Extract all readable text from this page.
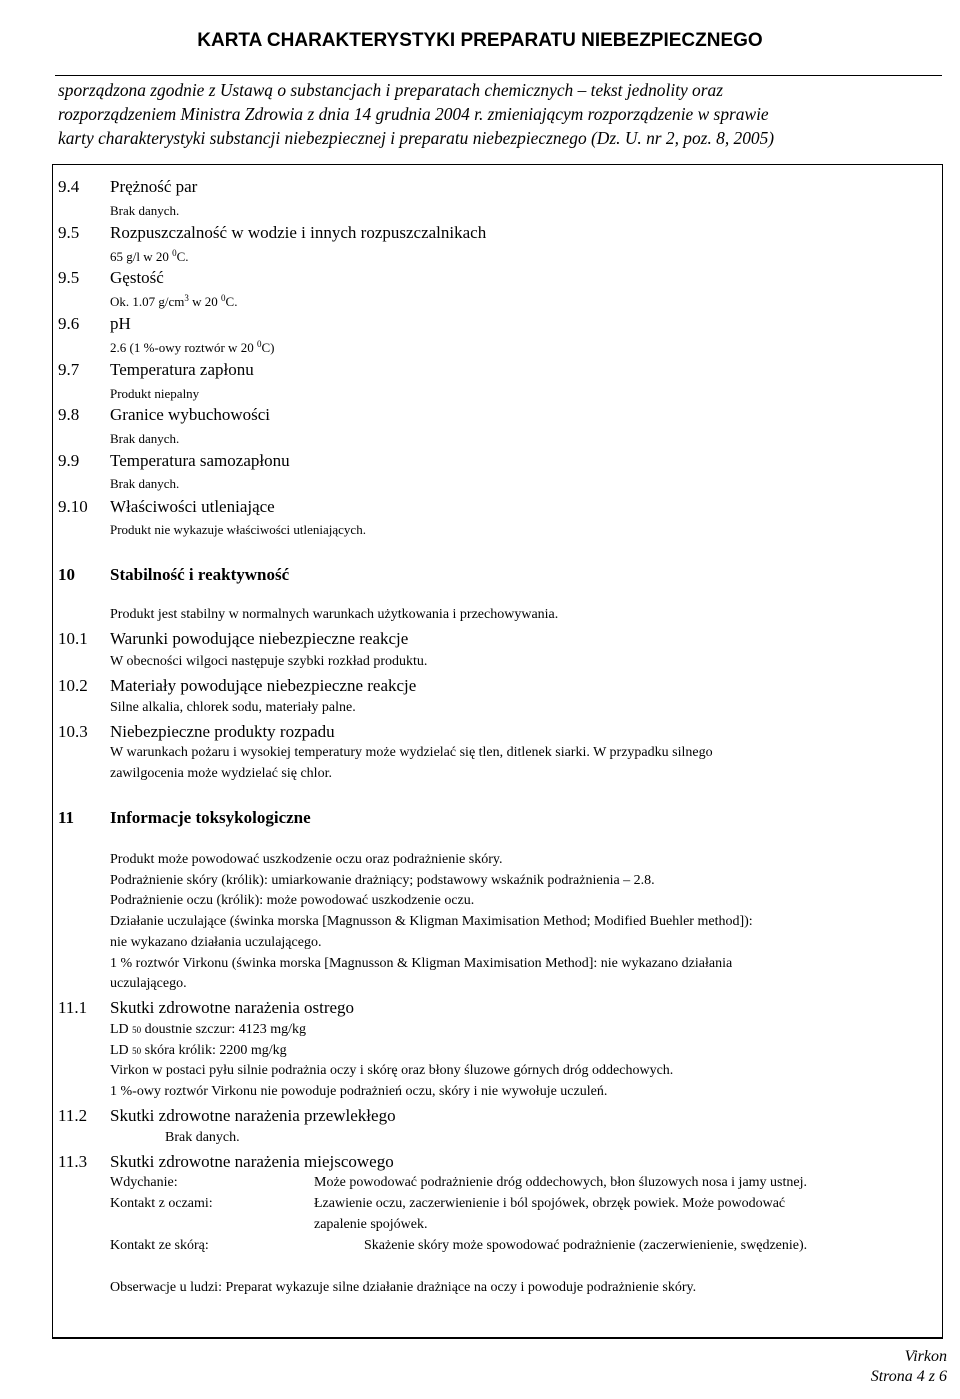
KARTA CHARAKTERYSTYKI PREPARATU NIEBEZPIECZNEGO
sporządzona zgodnie z Ustawą o substancjach i preparatach chemicznych – tekst jednolity oraz
rozporządzeniem Ministra Zdrowia z dnia 14 grudnia 2004 r. zmieniającym rozporządzenie w sprawie
karty charakterystyki substancji niebezpiecznej i preparatu niebezpiecznego (Dz. U. nr 2, poz. 8, 2005)
9.4 Prężność par
Brak danych.
9.5 Rozpuszczalność w wodzie i innych rozpuszczalnikach
65 g/l w 20 $^0$C.
9.5 Gęstość
Ok. 1.07 $g/cm^3$ w 20 $^0$C.
9.6 pH
2.6 (1 %-owy roztwór w 20 $^0$C)
9.7 Temperatura zapłonu
Produkt niepalny
9.8 Granice wybuchowości
Brak danych.
9.9 Temperatura samozapłonu
Brak danych.
9.10 Właściwości utleniające
Produkt nie wykazuje właściwości utleniających.
10 Stabilność i reaktywność
Produkt jest stabilny w normalnych warunkach użytkowania i przechowywania.
10.1 Warunki powodujące niebezpieczne reakcje
W obecności wilgoci następuje szybki rozkład produktu.
10.2 Materiały powodujące niebezpieczne reakcje
Silne alkalia, chlorek sodu, materiały palne.
10.3 Niebezpieczne produkty rozpadu
W warunkach pożaru i wysokiej temperatury może wydzielać się tlen, ditlenek siarki. W przypadku silnego
zawilgocenia może wydzielać się chlor.
11 Informacje toksykologiczne
Produkt może powodować uszkodzenie oczu oraz podrażnienie skóry.
Podrażnienie skóry (królik): umiarkowanie drażniący; podstawowy wskaźnik podrażnienia – 2.8.
Podrażnienie oczu (królik): może powodować uszkodzenie oczu.
Działanie uczulające (świnka morska [Magnusson & Kligman Maximisation Method; Modified Buehler method]):
nie wykazano działania uczulającego.
1 % roztwór Virkonu (świnka morska [Magnusson & Kligman Maximisation Method]: nie wykazano działania
uczulającego.
11.1 Skutki zdrowotne narażenia ostrego
LD 50 doustnie szczur: 4123 mg/kg
LD 50 skóra królik: 2200 mg/kg
Virkon w postaci pyłu silnie podrażnia oczy i skórę oraz błony śluzowe górnych dróg oddechowych.
1 %-owy roztwór Virkonu nie powoduje podrażnień oczu, skóry i nie wywołuje uczuleń.
11.2 Skutki zdrowotne narażenia przewlekłego
Brak danych.
11.3 Skutki zdrowotne narażenia miejscowego
Wdychanie:	Może powodować podrażnienie dróg oddechowych, błon śluzowych nosa i jamy ustnej.
Kontakt z oczami:	Łzawienie oczu, zaczerwienienie i ból spojówek, obrzęk powiek. Może powodować
zapalenie spojówek.
Kontakt ze skórą:	Skażenie skóry może spowodować podrażnienie (zaczerwienienie, swędzenie).
Obserwacje u ludzi: Preparat wykazuje silne działanie drażniące na oczy i powoduje podrażnienie skóry.
Virkon
Strona 4 z 6
